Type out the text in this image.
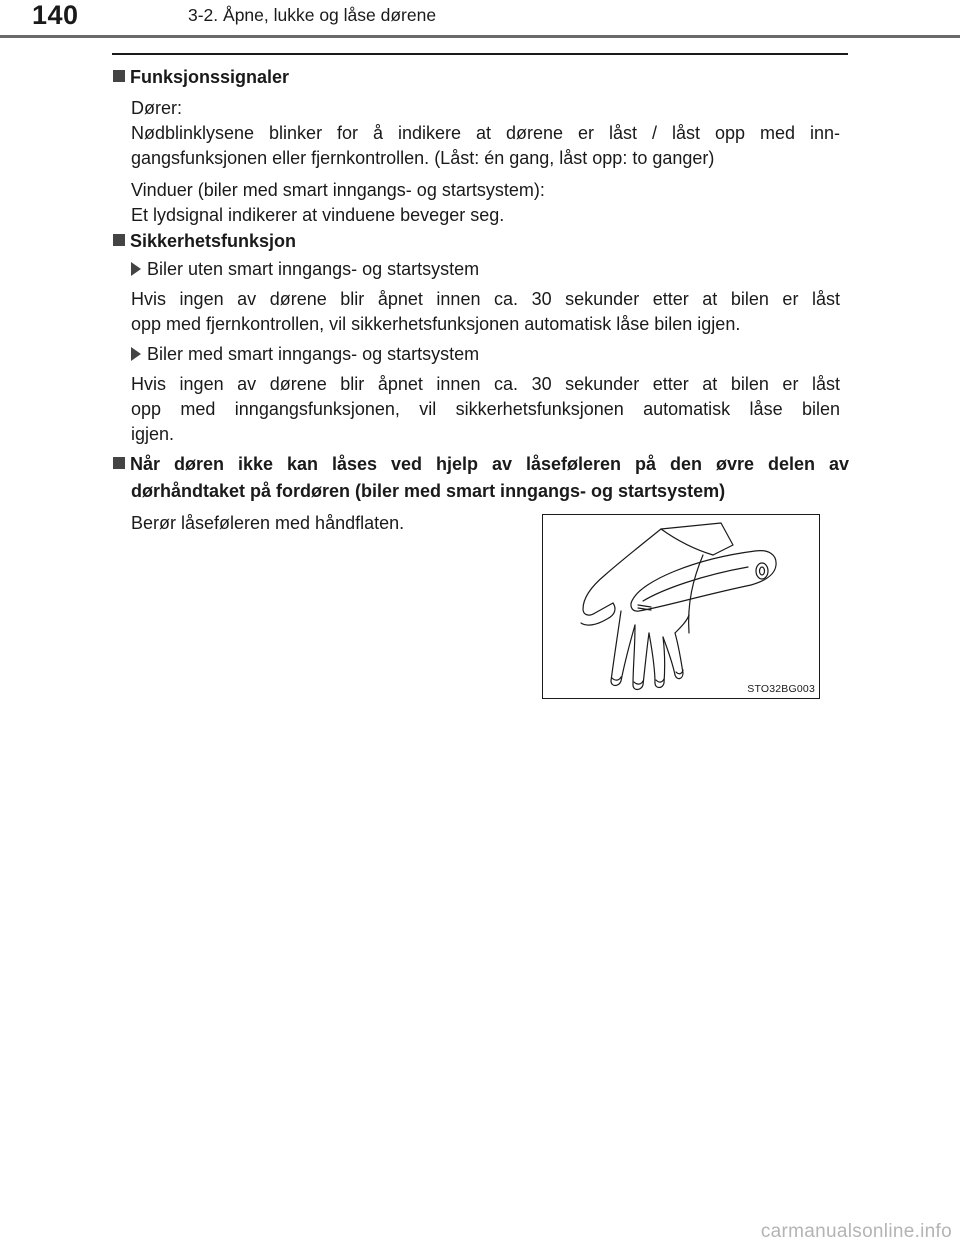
140	3-2. Åpne, lukke og låse dørene
Funksjonssignaler
Dører:
Nødblinklysene blinker for å indikere at dørene er låst / låst opp med inn-
gangsfunksjonen eller fjernkontrollen. (Låst: én gang, låst opp: to ganger)
Vinduer (biler med smart inngangs- og startsystem):
Et lydsignal indikerer at vinduene beveger seg.
Sikkerhetsfunksjon
Biler uten smart inngangs- og startsystem
Hvis ingen av dørene blir åpnet innen ca. 30 sekunder etter at bilen er låst
opp med fjernkontrollen, vil sikkerhetsfunksjonen automatisk låse bilen igjen.
Biler med smart inngangs- og startsystem
Hvis ingen av dørene blir åpnet innen ca. 30 sekunder etter at bilen er låst
opp med inngangsfunksjonen, vil sikkerhetsfunksjonen automatisk låse bilen
igjen.
Når døren ikke kan låses ved hjelp av låseføleren på den øvre delen av
dørhåndtaket på fordøren (biler med smart inngangs- og startsystem)
Berør låseføleren med håndflaten.
STO32BG003
carmanualsonline.info
